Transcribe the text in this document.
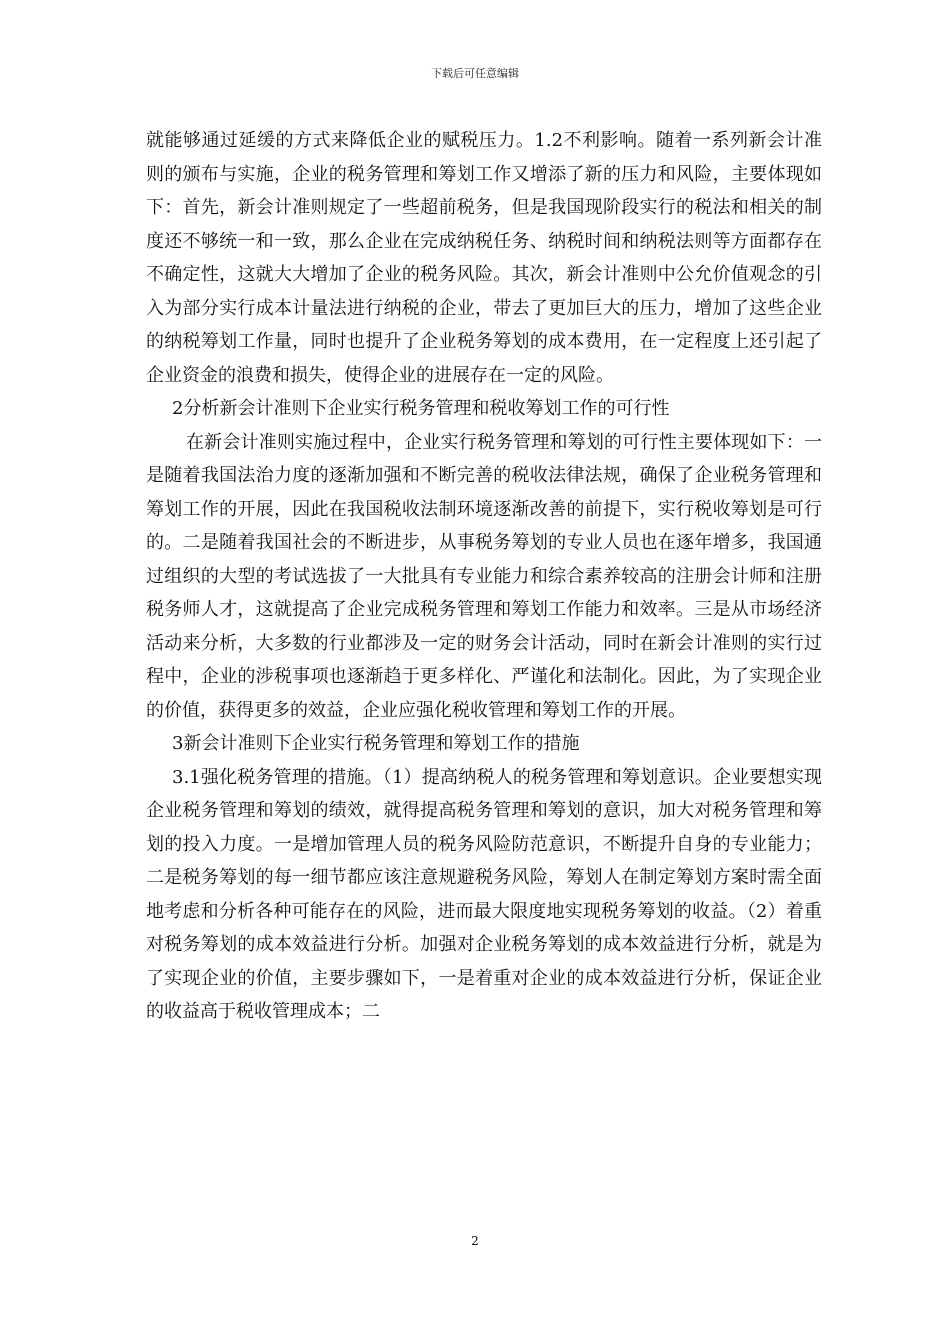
下载后可任意编辑

就能够通过延缓的方式来降低企业的赋税压力。1.2不利影响。随着一系列新会计准则的颁布与实施，企业的税务管理和筹划工作又增添了新的压力和风险，主要体现如下：首先，新会计准则规定了一些超前税务，但是我国现阶段实行的税法和相关的制度还不够统一和一致，那么企业在完成纳税任务、纳税时间和纳税法则等方面都存在不确定性，这就大大增加了企业的税务风险。其次，新会计准则中公允价值观念的引入为部分实行成本计量法进行纳税的企业，带去了更加巨大的压力，增加了这些企业的纳税筹划工作量，同时也提升了企业税务筹划的成本费用，在一定程度上还引起了企业资金的浪费和损失，使得企业的进展存在一定的风险。

2分析新会计准则下企业实行税务管理和税收筹划工作的可行性

在新会计准则实施过程中，企业实行税务管理和筹划的可行性主要体现如下：一是随着我国法治力度的逐渐加强和不断完善的税收法律法规，确保了企业税务管理和筹划工作的开展，因此在我国税收法制环境逐渐改善的前提下，实行税收筹划是可行的。二是随着我国社会的不断进步，从事税务筹划的专业人员也在逐年增多，我国通过组织的大型的考试选拔了一大批具有专业能力和综合素养较高的注册会计师和注册税务师人才，这就提高了企业完成税务管理和筹划工作能力和效率。三是从市场经济活动来分析，大多数的行业都涉及一定的财务会计活动，同时在新会计准则的实行过程中，企业的涉税事项也逐渐趋于更多样化、严谨化和法制化。因此，为了实现企业的价值，获得更多的效益，企业应强化税收管理和筹划工作的开展。

3新会计准则下企业实行税务管理和筹划工作的措施

3.1强化税务管理的措施。（1）提高纳税人的税务管理和筹划意识。企业要想实现企业税务管理和筹划的绩效，就得提高税务管理和筹划的意识，加大对税务管理和筹划的投入力度。一是增加管理人员的税务风险防范意识，不断提升自身的专业能力；二是税务筹划的每一细节都应该注意规避税务风险，筹划人在制定筹划方案时需全面地考虑和分析各种可能存在的风险，进而最大限度地实现税务筹划的收益。（2）着重对税务筹划的成本效益进行分析。加强对企业税务筹划的成本效益进行分析，就是为了实现企业的价值，主要步骤如下，一是着重对企业的成本效益进行分析，保证企业的收益高于税收管理成本；二

2
